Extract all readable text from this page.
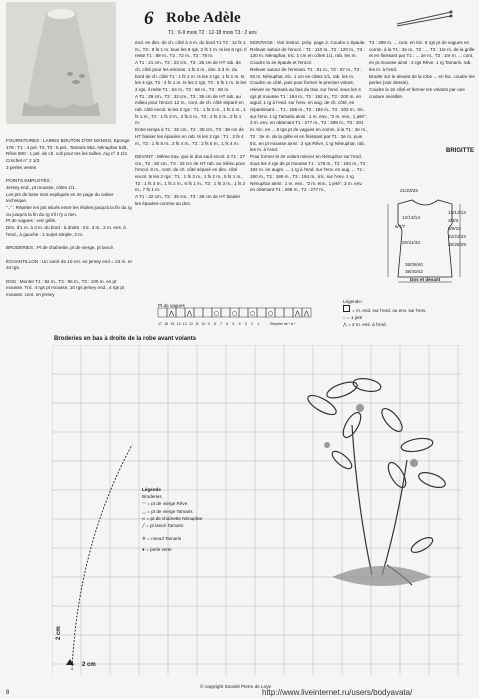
6 Robe Adèle
T1 : 6-9 mois T2 : 12-18 mois T3 : 2 ans
FOURNITURES : LAINES BOUTON D'OR MANGO, Eponge 176 : T1 : 4 pel. T2, T3 : 5 pel., Tamaris 562, Nénuphar 535, Rêve 500 : 1 pel. de ch. coll pour tes les tailles. Aig n° 3 1/2. Crochet n° 2 1/2.
3 perles vertes

POINTS EMPLOYÉS :
Jersey end., pt mousse, côtes 1/1.
Les pts de base sont expliqués en 2e page du cahier technique.
".." : Répéter les pts situés entre les étoiles jusqu'à la fin du rg ou jusqu'à la fin du rg s'il n'y a rien.
Pt de vagues : voir grille.
Dim. d'1 m. à 3 m. du bord : à droite : tric. 3 m., 2 m. ens. à l'end., à gauche : 1 surjet simple, 3 m.

BRODERIES : Pt de chaînette, pt de vierge, pt lancé.

ÉCHANTILLON : Un carré de 10 cm. en jersey end = 24 m. et 34 rgs.

DOS : Monter T1 : 92 m., T2 : 96 m., T3 : 100 m. en pt mousse. Tric. 4 rgs pt mousse, 10 rgs jersey end., 4 rgs pt mousse, cont. en jersey
end. en dim. de ch. côté à 3 m. du bord T1 T2 : 12 fs 1 m., T3 : 9 fs 1 m. tous les 6 rgs, 2 fs 1 m. ts les 8 rgs. Il reste T1 : 68 m., T2 : 72 m., T3 : 78 m.
A T1 : 21 cm., T2 : 23 cm., T3 : 25 cm de HT rab. de ch. côté pour les emman. 1 fs 3 m., dim. à 3 m. du bord de ch. côté T1 : 1 fs 1 m. ts les 2 rgs, 1 fs 1 m. ts les 4 rgs, T2 : 4 fs 1 m. ts les 2 rgs, T3 : 5 fs 1 m. ts les 2 rgs, il reste T1 : 54 m., T2 : 56 m., T3 : 60 m.
A T1 : 29 cm., T2 : 32 cm., T3 : 35 cm de HT rab. au milieu pour l'encol. 12 m., cont. de ch. côté séparé en rab. côté encol. ts les 2 rgs : T1 : 1 fs 3 m., 1 fs 2 m., 1 fs 1 m., T2 : 1 fs 3 m., 2 fs 2 m., T3 : 4 fs 2 m., 2 fs 1 m.
Entre temps à T1 : 32 cm., T2 : 35 cm., T3 : 38 cm de HT biaiser les épaules en rab. ts les 2 rgs : T1 : 3 fs 4 m., T2 : 1 fs 5 m., 2 fs 4 m., T3 : 2 fs 5 m., 1 fs 4 m.

DEVANT : Même trav. que le dos sauf encol. à T1 : 27 cm., T2 : 30 cm., T3 : 33 cm de HT rab. au milieu pour l'encol. 8 m., cont. de ch. côté séparé en dim. côté encol. ts les 2 rgs : T1 : 1 fs 3 m., 1 fs 2 m., 5 fs 1 m., T2 : 1 fs 3 m., 1 fs 2 m., 6 fs 1 m., T3 : 1 fs 3 m., 1 fs 2 m., 7 fs 1 m.
A T1 : 32 cm., T2 : 35 cm., T3 : 38 cm de HT biaiser les épaules comme au dos.
MONTAGE : Voir instruc. prép. page 2. Coudre 1 épaule.
Relever autour de l'encol. : T1 : 110 m., T2 : 120 m., T3 : 130 m. Nénuphar, tric. 1 cm en côtes 1/1, rab. les m.
Coudre la 2e épaule et l'encol.
Relever autour de l'emman. T1 : 81 m., T2 : 87 m., T3 : 93 m. Nénuphar, tric. 1 cm en côtes 1/1, rab. les m.
Coudre un côté, puis pour former le premier volant, relever en Tamaris au bas du trav. sur l'end. sous les 4 rgs pt mousse T1 : 184 m., T2 : 192 m., T3 : 200 m. en aiguil. 1 rg à l'end. sur l'env. en aug. de ch. côté, en répartissant ... T1 : 186 m., T2 : 194 m., T3 : 202 m., tric. sur l'env. 1 rg Tamaris ainsi : 1 m. env., "2 m. env., 1 jeté", 3 m. env. en obtenant T1 : 277 m., T2 : 289 m., T3 : 301 m. tric. en ... 8 rgs pt de vagues en comm. à la T1 : 3e m., T2 : 3e m. de la grille et en finissant par T1 : 3e m. puis tric. en pt mousse ainsi : 2 rgs Rêve, 1 rg Nénuphar, rab. les m. à l'end.
Pour former le 2e volant relever en Nénuphar sur l'end. sous les 4 rgs de pt mousse T1 : 178 m., T2 : 184 m., T3 : 192 m. en augm. ... 1 rg à l'end. sur l'env. en aug. ... T1 : 180 m., T2 : 186 m., T3 : 194 m., tric. sur l'env. 1 rg Nénuphar ainsi : 1 m. env., "2 m. env., 1 jeté", 3 m. env. en obtenant T1 : 268 m., T2 : 277 m.,
T3 : 289 m. ... cont. en tric. 8 rgs pt de vagues en comm. à la T1 : 3e m., T2 : ... T3 : 1re m. de la grille et en finissant par T1 : ... 2e m., T3 : 1re m. ... cont. en pt mousse ainsi : 2 rgs Rêve, 1 rg Tamaris, rab. les m. à l'end.
Broder sur le devant de la robe ... en fac. coudre les perles (voir dessin).
Coudre le 2e côté et fermer les volants par une couture invisible.
BRIGITTE
21/23/25
12/13/14
6/7/7
20/31/33
36/38/40
38/40/42
13/13/13
3/3/3
8/9/10
22/23/23
25/28/29
Dos et devant
Pt de vagues
⋀ ⋀	○ ○ ○ ○	⋀ ⋀
17 16 15 14 13 12 11 10 9 8 7 6 5 4 3 2 1	Répéter de * à *
Légende :
= m. end. sur l'end. ou env. sur l'env.
○ = 1 jeté
⋀ = 2 m. ens. à l'end.
Broderies en bas à droite de la robe avant volants
Légende
Broderies
◠ = pt de vierge Rêve
◡ = pt de vierge Tamaris
∞ = pt de chaînette Nénuphar
╱ = pt lancé Tamaris
✲ = noeud Tamaris
● = perle verte
2 cm
2 cm
© copyright Société Pierre de Loye
8	http://www.liveinternet.ru/users/bodyavata/
